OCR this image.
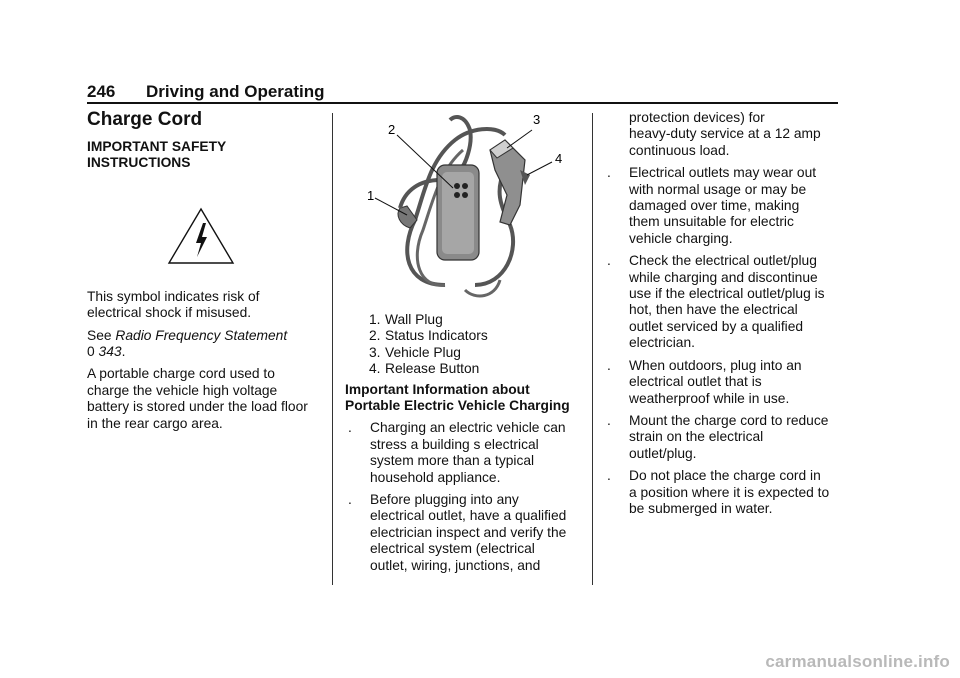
246 Driving and Operating
Charge Cord

IMPORTANT SAFETY
INSTRUCTIONS

This symbol indicates risk of
electrical shock if misused.

See Radio Frequency Statement
0 343.

A portable charge cord used to
charge the vehicle high voltage
battery is stored under the load floor
in the rear cargo area.

1
2
3
4
1. Wall Plug
2. Status Indicators
3. Vehicle Plug
4. Release Button

Important Information about
Portable Electric Vehicle Charging

. Charging an electric vehicle can
stress a building s electrical
system more than a typical
household appliance.
. Before plugging into any
electrical outlet, have a qualified
electrician inspect and verify the
electrical system (electrical
outlet, wiring, junctions, and

protection devices) for
heavy-duty service at a 12 amp
continuous load.

. Electrical outlets may wear out
with normal usage or may be
damaged over time, making
them unsuitable for electric
vehicle charging.
. Check the electrical outlet/plug
while charging and discontinue
use if the electrical outlet/plug is
hot, then have the electrical
outlet serviced by a qualified
electrician.
. When outdoors, plug into an
electrical outlet that is
weatherproof while in use.
. Mount the charge cord to reduce
strain on the electrical
outlet/plug.
. Do not place the charge cord in
a position where it is expected to
be submerged in water.
carmanualsonline.info
